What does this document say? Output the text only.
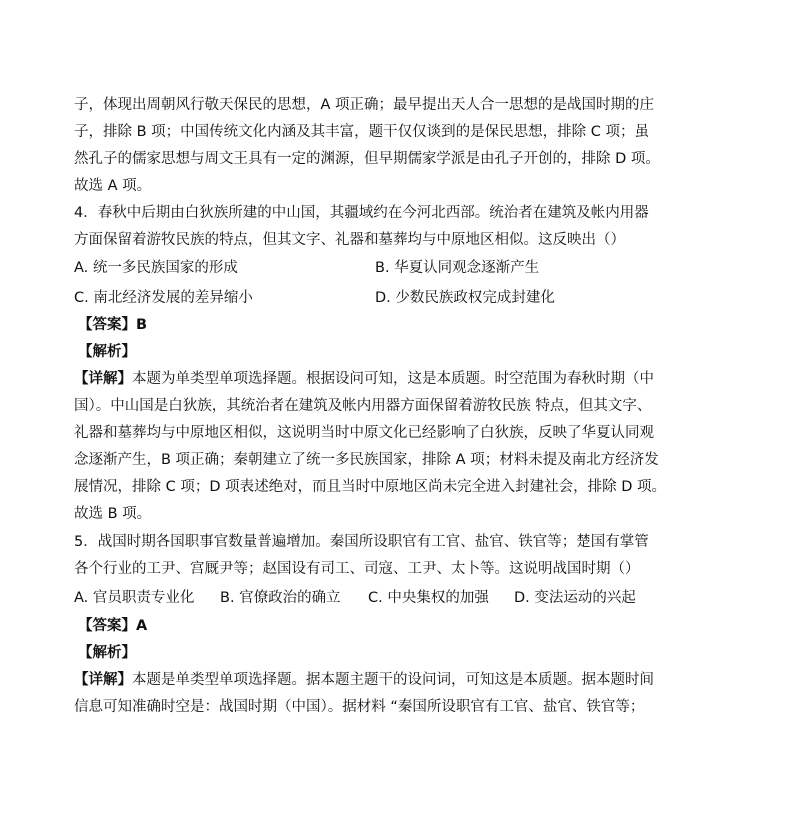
子，体现出周朝风行敬天保民的思想，A 项正确；最早提出天人合一思想的是战国时期的庄
子，排除 B 项；中国传统文化内涵及其丰富，题干仅仅谈到的是保民思想，排除 C 项；虽
然孔子的儒家思想与周文王具有一定的渊源，但早期儒家学派是由孔子开创的，排除 D 项。
故选 A 项。
4．春秋中后期由白狄族所建的中山国，其疆域约在今河北西部。统治者在建筑及帐内用器
方面保留着游牧民族的特点，但其文字、礼器和墓葬均与中原地区相似。这反映出（）
A. 统一多民族国家的形成	B. 华夏认同观念逐渐产生
C. 南北经济发展的差异缩小	D. 少数民族政权完成封建化
【答案】B
【解析】
【详解】本题为单类型单项选择题。根据设问可知，这是本质题。时空范围为春秋时期（中
国）。中山国是白狄族，其统治者在建筑及帐内用器方面保留着游牧民族 特点，但其文字、
礼器和墓葬均与中原地区相似，这说明当时中原文化已经影响了白狄族，反映了华夏认同观
念逐渐产生，B 项正确；秦朝建立了统一多民族国家，排除 A 项；材料未提及南北方经济发
展情况，排除 C 项；D 项表述绝对，而且当时中原地区尚未完全进入封建社会，排除 D 项。
故选 B 项。
5．战国时期各国职事官数量普遍增加。秦国所设职官有工官、盐官、铁官等；楚国有掌管
各个行业的工尹、宫厩尹等；赵国设有司工、司寇、工尹、太卜等。这说明战国时期（）
A. 官员职责专业化 B. 官僚政治的确立 C. 中央集权的加强 D. 变法运动的兴起
【答案】A
【解析】
【详解】本题是单类型单项选择题。据本题主题干的设问词，可知这是本质题。据本题时间
信息可知准确时空是：战国时期（中国）。据材料 “秦国所设职官有工官、盐官、铁官等；
